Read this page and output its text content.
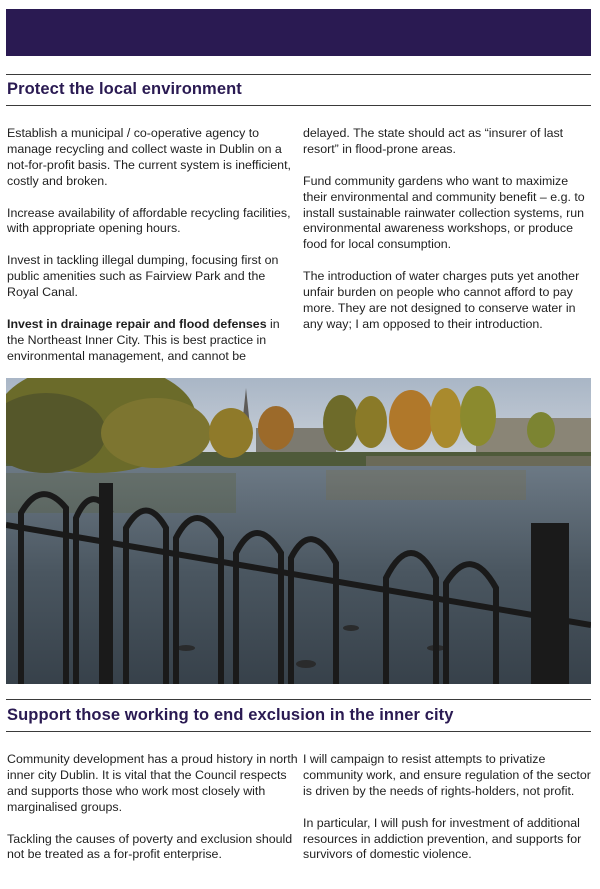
Protect the local environment

Establish a municipal / co-operative agency to manage recycling and collect waste in Dublin on a not-for-profit basis. The current system is inefficient, costly and broken.

Increase availability of affordable recycling facilities, with appropriate opening hours.

Invest in tackling illegal dumping, focusing first on public amenities such as Fairview Park and the Royal Canal.

Invest in drainage repair and flood defenses in the Northeast Inner City. This is best practice in environmental management, and cannot be

delayed. The state should act as “insurer of last resort” in flood-prone areas.

Fund community gardens who want to maximize their environmental and community benefit – e.g. to install sustainable rainwater collection systems, run environmental awareness workshops, or produce food for local consumption.

The introduction of water charges puts yet another unfair burden on people who cannot afford to pay more. They are not designed to conserve water in any way; I am opposed to their introduction.

Support those working to end exclusion in the inner city

Community development has a proud history in north inner city Dublin. It is vital that the Council respects and supports those who work most closely with marginalised groups.

Tackling the causes of poverty and exclusion should not be treated as a for-profit enterprise.

I will campaign to resist attempts to privatize community work, and ensure regulation of the sector is driven by the needs of rights-holders, not profit.

In particular, I will push for investment of additional resources in addiction prevention, and supports for survivors of domestic violence.
